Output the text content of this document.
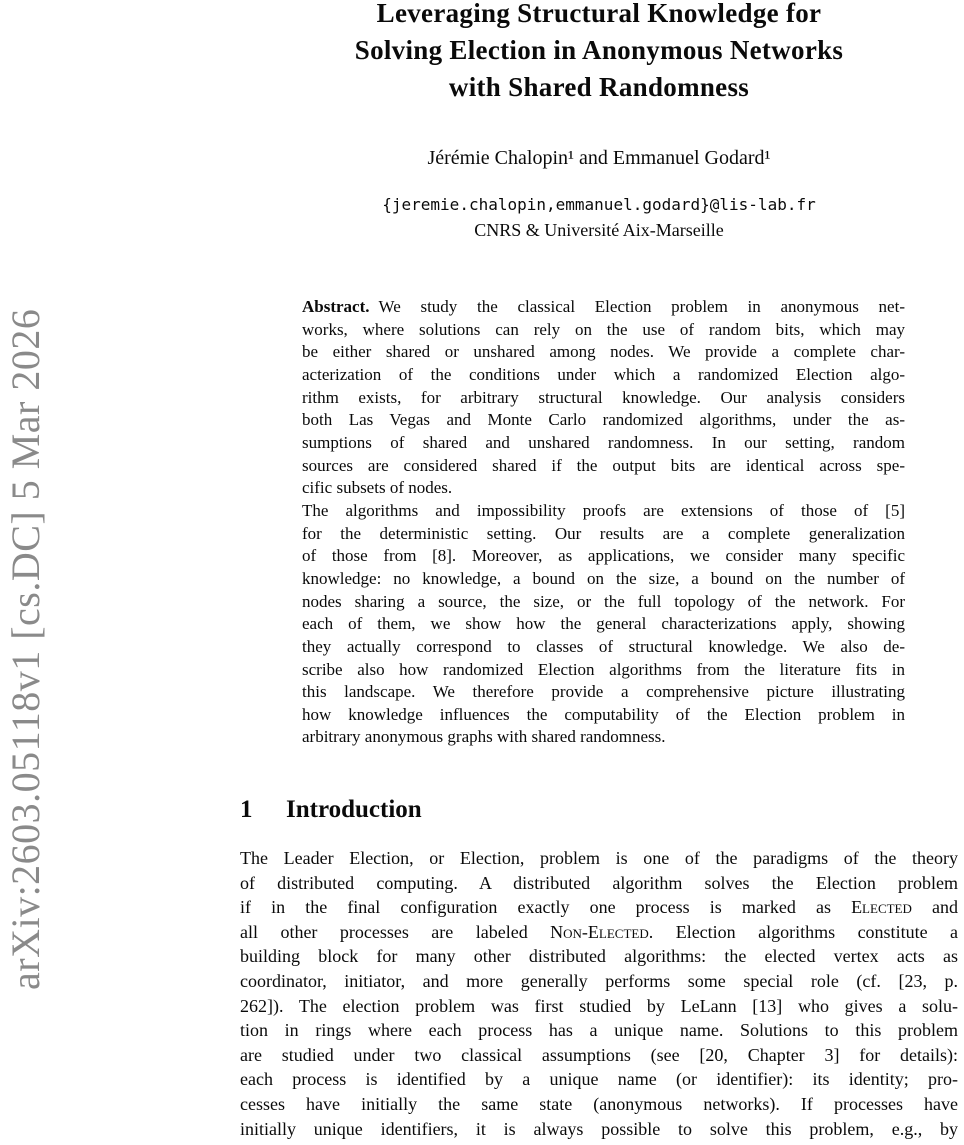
arXiv:2603.05118v1 [cs.DC] 5 Mar 2026
Leveraging Structural Knowledge for
Solving Election in Anonymous Networks
with Shared Randomness
Jérémie Chalopin¹ and Emmanuel Godard¹
{jeremie.chalopin,emmanuel.godard}@lis-lab.fr
CNRS & Université Aix-Marseille
Abstract. We study the classical Election problem in anonymous net-
works, where solutions can rely on the use of random bits, which may
be either shared or unshared among nodes. We provide a complete char-
acterization of the conditions under which a randomized Election algo-
rithm exists, for arbitrary structural knowledge. Our analysis considers
both Las Vegas and Monte Carlo randomized algorithms, under the as-
sumptions of shared and unshared randomness. In our setting, random
sources are considered shared if the output bits are identical across spe-
cific subsets of nodes.
The algorithms and impossibility proofs are extensions of those of [5]
for the deterministic setting. Our results are a complete generalization
of those from [8]. Moreover, as applications, we consider many specific
knowledge: no knowledge, a bound on the size, a bound on the number of
nodes sharing a source, the size, or the full topology of the network. For
each of them, we show how the general characterizations apply, showing
they actually correspond to classes of structural knowledge. We also de-
scribe also how randomized Election algorithms from the literature fits in
this landscape. We therefore provide a comprehensive picture illustrating
how knowledge influences the computability of the Election problem in
arbitrary anonymous graphs with shared randomness.
1 Introduction
The Leader Election, or Election, problem is one of the paradigms of the theory
of distributed computing. A distributed algorithm solves the Election problem
if in the final configuration exactly one process is marked as Elected and
all other processes are labeled Non-Elected. Election algorithms constitute a
building block for many other distributed algorithms: the elected vertex acts as
coordinator, initiator, and more generally performs some special role (cf. [23, p.
262]). The election problem was first studied by LeLann [13] who gives a solu-
tion in rings where each process has a unique name. Solutions to this problem
are studied under two classical assumptions (see [20, Chapter 3] for details):
each process is identified by a unique name (or identifier): its identity; pro-
cesses have initially the same state (anonymous networks). If processes have
initially unique identifiers, it is always possible to solve this problem, e.g., by
